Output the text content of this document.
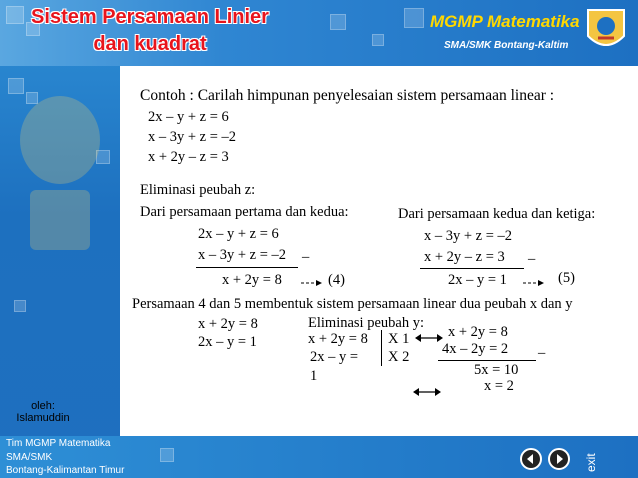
oleh:
Islamuddin
Sistem Persamaan Linier
dan kuadrat
MGMP Matematika
SMA/SMK Bontang-Kaltim
Contoh : Carilah himpunan penyelesaian sistem persamaan linear :
2x – y + z = 6
x – 3y + z = –2
x + 2y – z = 3
Eliminasi peubah z:
Dari persamaan pertama dan kedua:
2x – y + z = 6
x – 3y + z = –2 –
x + 2y = 8	(4)
Dari persamaan kedua dan ketiga:
x – 3y + z = –2
x + 2y – z = 3 –
2x – y = 1	(5)
Persamaan 4 dan 5 membentuk sistem persamaan linear dua peubah x dan y
x + 2y = 8
2x – y = 1
Eliminasi peubah y:
x + 2y = 8 X 1
2x – y =
1
X 2
x + 2y = 8
4x – 2y = 2 –
5x = 10
x = 2
Tim MGMP Matematika
SMA/SMK
Bontang-Kalimantan Timur	exit
